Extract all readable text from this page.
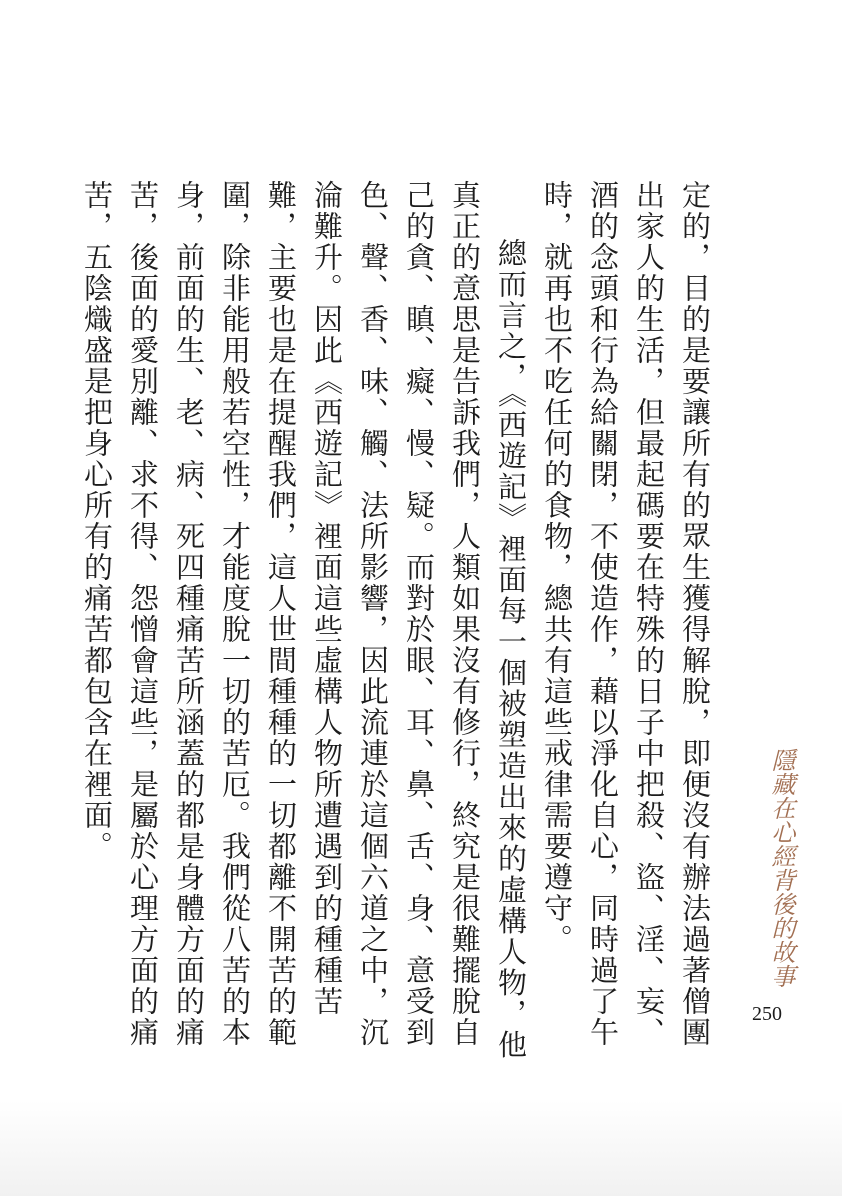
定的，目的是要讓所有的眾生獲得解脫，即便沒有辦法過著僧團出家人的生活，但最起碼要在特殊的日子中把殺、盜、淫、妄、酒的念頭和行為給關閉，不使造作，藉以淨化自心，同時過了午時，就再也不吃任何的食物，總共有這些戒律需要遵守。

總而言之，《西遊記》裡面每一個被塑造出來的虛構人物，他真正的意思是告訴我們，人類如果沒有修行，終究是很難擺脫自己的貪、瞋、癡、慢、疑。而對於眼、耳、鼻、舌、身、意受到色、聲、香、味、觸、法所影響，因此流連於這個六道之中，沉淪難升。因此《西遊記》裡面這些虛構人物所遭遇到的種種苦難，主要也是在提醒我們，這人世間種種的一切都離不開苦的範圍，除非能用般若空性，才能度脫一切的苦厄。我們從八苦的本身，前面的生、老、病、死四種痛苦所涵蓋的都是身體方面的痛苦，後面的愛別離、求不得、怨憎會這些，是屬於心理方面的痛苦，五陰熾盛是把身心所有的痛苦都包含在裡面。

隱藏在心經背後的故事
250
